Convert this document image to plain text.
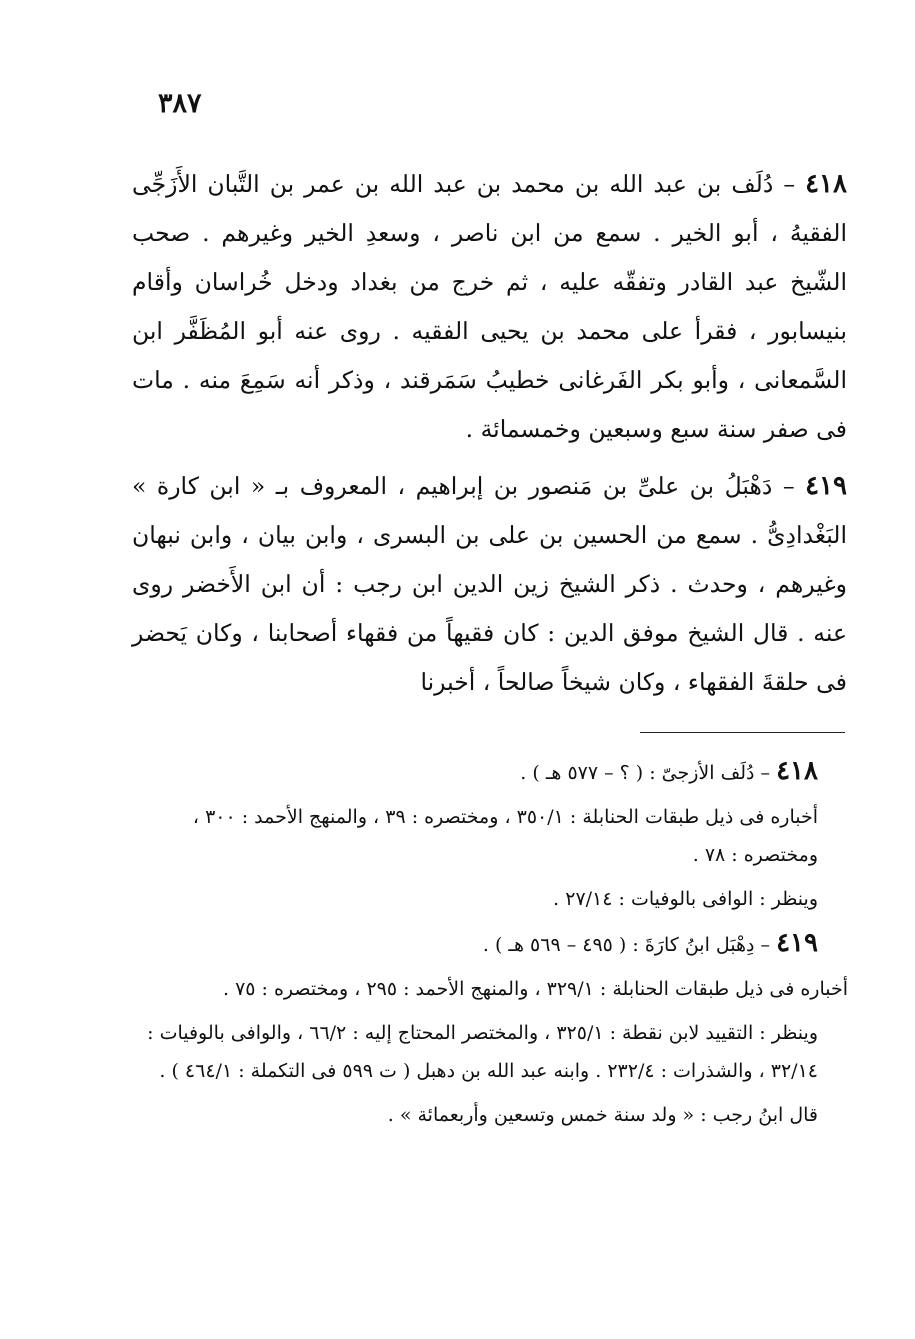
٣٨٧

٤١٨ – دُلَف بن عبد الله بن محمد بن عبد الله بن عمر بن التَّبان الأَزَجِّى الفقيهُ ، أبو الخير . سمع من ابن ناصر ، وسعدِ الخير وغيرهم . صحب الشّيخ عبد القادر وتفقّه عليه ، ثم خرج من بغداد ودخل خُراسان وأقام بنيسابور ، فقرأ على محمد بن يحيى الفقيه . روى عنه أبو المُظَفَّر ابن السَّمعانى ، وأبو بكر الفَرغانى خطيبُ سَمَرقند ، وذكر أنه سَمِعَ منه . مات فى صفر سنة سبع وسبعين وخمسمائة .

٤١٩ – دَهْبَلُ بن علىِّ بن مَنصور بن إبراهيم ، المعروف بـ « ابن كارة » البَغْدادِىُّ . سمع من الحسين بن على بن البسرى ، وابن بيان ، وابن نبهان وغيرهم ، وحدث . ذكر الشيخ زين الدين ابن رجب : أن ابن الأَخضر روى عنه . قال الشيخ موفق الدين : كان فقيهاً من فقهاء أصحابنا ، وكان يَحضر فى حلقةَ الفقهاء ، وكان شيخاً صالحاً ، أخبرنا

٤١٨ – دُلَف الأزجىّ : ( ؟ – ٥٧٧ هـ ) .

أخباره فى ذيل طبقات الحنابلة : ٣٥٠/١ ، ومختصره : ٣٩ ، والمنهج الأحمد : ٣٠٠ ، ومختصره : ٧٨ .

وينظر : الوافى بالوفيات : ٢٧/١٤ .

٤١٩ – دِهْبَل ابنُ كارَةَ : ( ٤٩٥ – ٥٦٩ هـ ) .

أخباره فى ذيل طبقات الحنابلة : ٣٢٩/١ ، والمنهج الأحمد : ٢٩٥ ، ومختصره : ٧٥ .

وينظر : التقييد لابن نقطة : ٣٢٥/١ ، والمختصر المحتاج إليه : ٦٦/٢ ، والوافى بالوفيات : ٣٢/١٤ ، والشذرات : ٢٣٢/٤ . وابنه عبد الله بن دهبل ( ت ٥٩٩ فى التكملة : ٤٦٤/١ ) .

قال ابنُ رجب : « ولد سنة خمس وتسعين وأربعمائة » .
